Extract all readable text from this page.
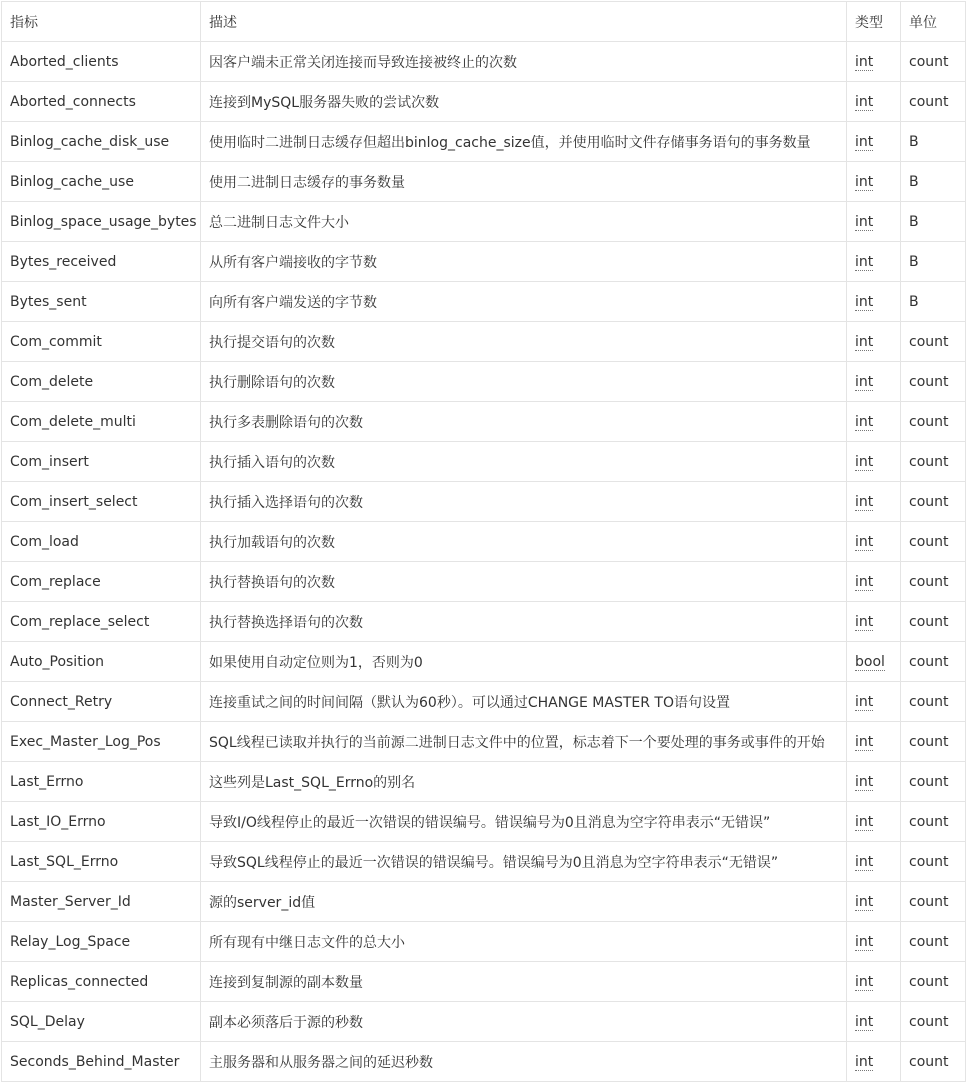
指标	描述	类型	单位
Aborted_clients	因客户端未正常关闭连接而导致连接被终止的次数	int	count
Aborted_connects	连接到MySQL服务器失败的尝试次数	int	count
Binlog_cache_disk_use	使用临时二进制日志缓存但超出binlog_cache_size值，并使用临时文件存储事务语句的事务数量	int	B
Binlog_cache_use	使用二进制日志缓存的事务数量	int	B
Binlog_space_usage_bytes	总二进制日志文件大小	int	B
Bytes_received	从所有客户端接收的字节数	int	B
Bytes_sent	向所有客户端发送的字节数	int	B
Com_commit	执行提交语句的次数	int	count
Com_delete	执行删除语句的次数	int	count
Com_delete_multi	执行多表删除语句的次数	int	count
Com_insert	执行插入语句的次数	int	count
Com_insert_select	执行插入选择语句的次数	int	count
Com_load	执行加载语句的次数	int	count
Com_replace	执行替换语句的次数	int	count
Com_replace_select	执行替换选择语句的次数	int	count
Auto_Position	如果使用自动定位则为1，否则为0	bool	count
Connect_Retry	连接重试之间的时间间隔（默认为60秒）。可以通过CHANGE MASTER TO语句设置	int	count
Exec_Master_Log_Pos	SQL线程已读取并执行的当前源二进制日志文件中的位置，标志着下一个要处理的事务或事件的开始	int	count
Last_Errno	这些列是Last_SQL_Errno的别名	int	count
Last_IO_Errno	导致I/O线程停止的最近一次错误的错误编号。错误编号为0且消息为空字符串表示“无错误”	int	count
Last_SQL_Errno	导致SQL线程停止的最近一次错误的错误编号。错误编号为0且消息为空字符串表示“无错误”	int	count
Master_Server_Id	源的server_id值	int	count
Relay_Log_Space	所有现有中继日志文件的总大小	int	count
Replicas_connected	连接到复制源的副本数量	int	count
SQL_Delay	副本必须落后于源的秒数	int	count
Seconds_Behind_Master	主服务器和从服务器之间的延迟秒数	int	count
